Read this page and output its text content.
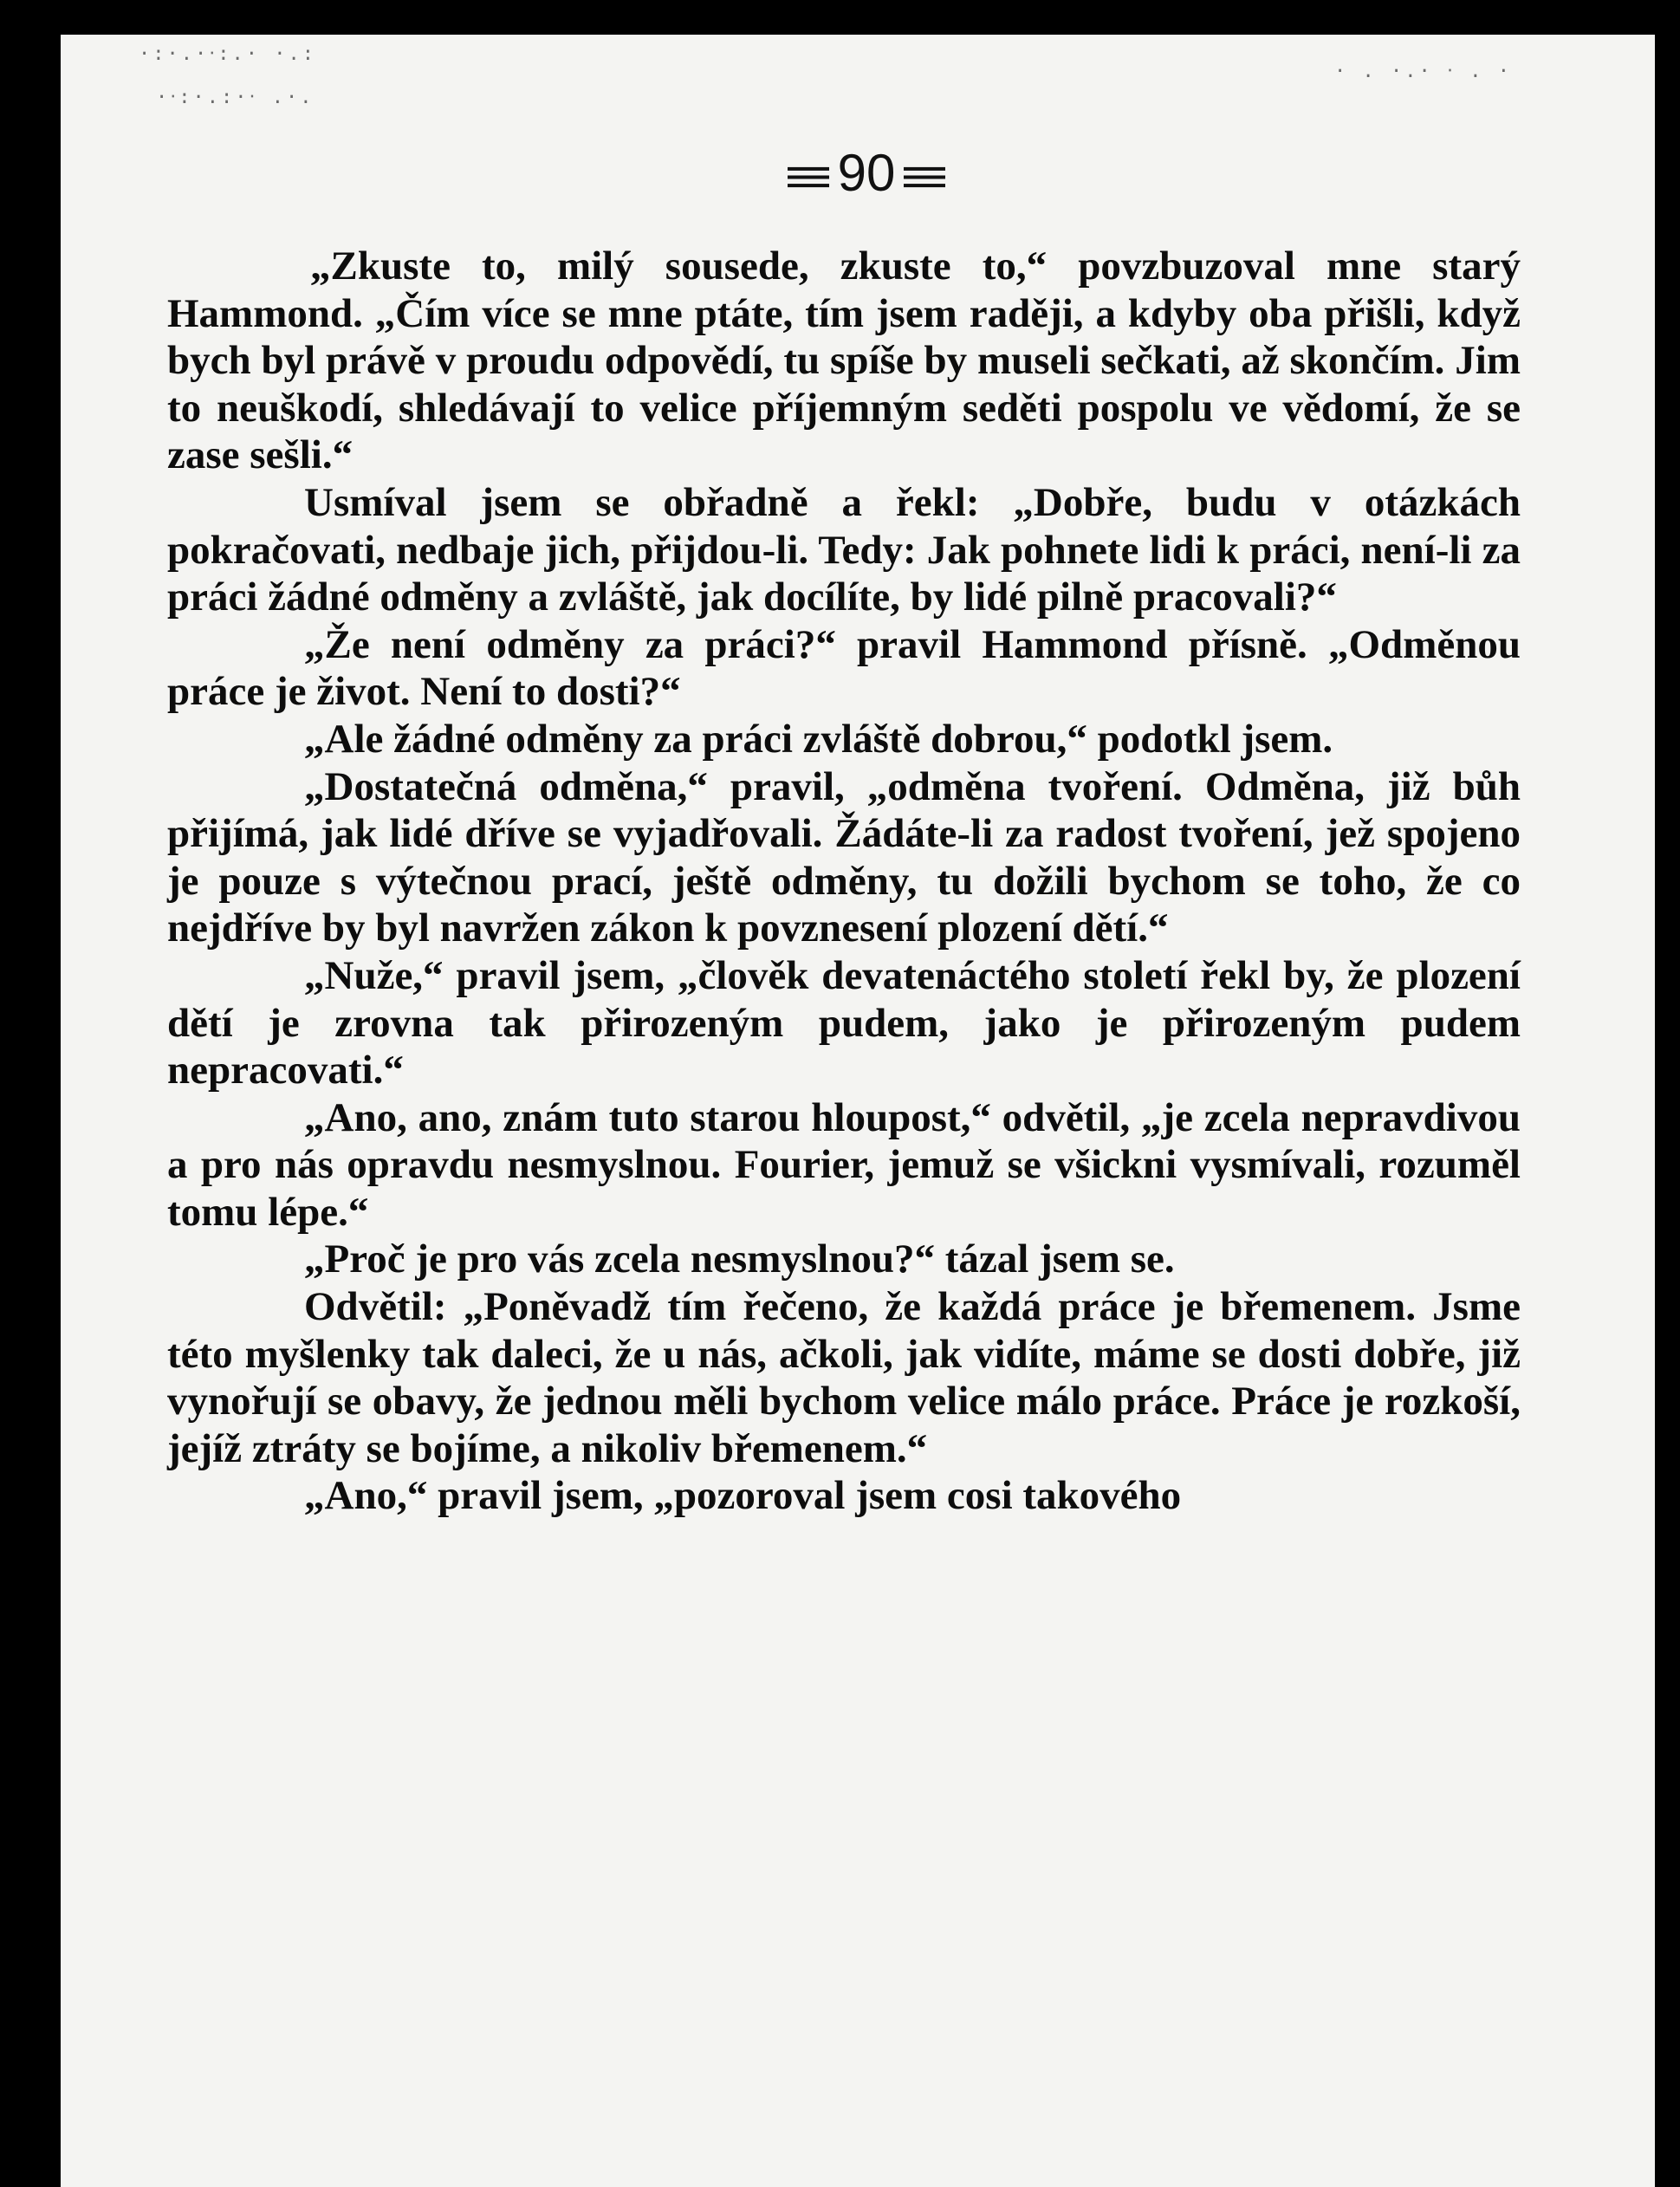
·:·.·‧:.· ·.:
·‧:·.:·‧ .·.
· . ·.· ‧ . ·
90

„Zkuste to, milý sousede, zkuste to,“ povzbuzoval mne starý Hammond. „Čím více se mne ptáte, tím jsem raději, a kdyby oba přišli, když bych byl právě v proudu odpovědí, tu spíše by museli sečkati, až skončím. Jim to neuškodí, shledávají to velice příjemným seděti pospolu ve vědomí, že se zase sešli.“

Usmíval jsem se obřadně a řekl: „Dobře, budu v otázkách pokračovati, nedbaje jich, přijdou-li. Tedy: Jak pohnete lidi k práci, není-li za práci žádné odměny a zvláště, jak docílíte, by lidé pilně pracovali?“

„Že není odměny za práci?“ pravil Hammond přísně. „Odměnou práce je život. Není to dosti?“

„Ale žádné odměny za práci zvláště dobrou,“ podotkl jsem.

„Dostatečná odměna,“ pravil, „odměna tvoření. Odměna, již bůh přijímá, jak lidé dříve se vyjadřovali. Žádáte-li za radost tvoření, jež spojeno je pouze s výtečnou prací, ještě odměny, tu dožili bychom se toho, že co nejdříve by byl navržen zákon k povznesení plození dětí.“

„Nuže,“ pravil jsem, „člověk devatenáctého století řekl by, že plození dětí je zrovna tak přirozeným pudem, jako je přirozeným pudem nepracovati.“

„Ano, ano, znám tuto starou hloupost,“ odvětil, „je zcela nepravdivou a pro nás opravdu nesmyslnou. Fourier, jemuž se všickni vysmívali, rozuměl tomu lépe.“

„Proč je pro vás zcela nesmyslnou?“ tázal jsem se.

Odvětil: „Poněvadž tím řečeno, že každá práce je břemenem. Jsme této myšlenky tak daleci, že u nás, ačkoli, jak vidíte, máme se dosti dobře, již vynořují se obavy, že jednou měli bychom velice málo práce. Práce je rozkoší, jejíž ztráty se bojíme, a nikoliv břemenem.“

„Ano,“ pravil jsem, „pozoroval jsem cosi takového
